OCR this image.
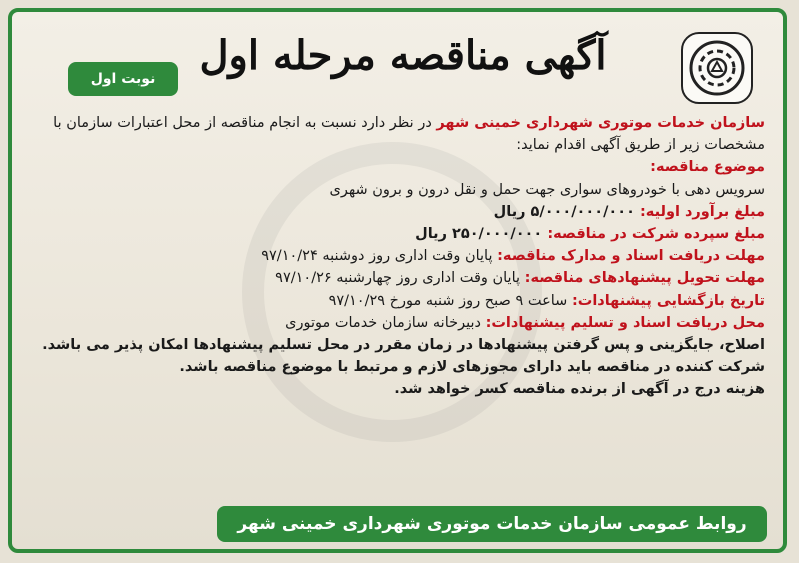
آگهی مناقصه مرحله اول
نوبت اول
سازمان خدمات موتوری شهرداری خمینی شهر در نظر دارد نسبت به انجام مناقصه از محل اعتبارات سازمان با
مشخصات زیر از طریق آگهی اقدام نماید:
موضوع مناقصه:
سرویس دهی با خودروهای سواری جهت حمل و نقل درون و برون شهری
مبلغ برآورد اولیه: ۵/۰۰۰/۰۰۰/۰۰۰ ریال
مبلغ سپرده شرکت در مناقصه: ۲۵۰/۰۰۰/۰۰۰ ریال
مهلت دریافت اسناد و مدارک مناقصه: پایان وقت اداری روز دوشنبه ۹۷/۱۰/۲۴
مهلت تحویل پیشنهادهای مناقصه: پایان وقت اداری روز چهارشنبه ۹۷/۱۰/۲۶
تاریخ بازگشایی پیشنهادات: ساعت ۹ صبح روز شنبه مورخ ۹۷/۱۰/۲۹
محل دریافت اسناد و تسلیم پیشنهادات: دبیرخانه سازمان خدمات موتوری
اصلاح، جایگزینی و پس گرفتن پیشنهادها در زمان مقرر در محل تسلیم پیشنهادها امکان پذیر می باشد.
شرکت کننده در مناقصه باید دارای مجوزهای لازم و مرتبط با موضوع مناقصه باشد.
هزینه درج در آگهی از برنده مناقصه کسر خواهد شد.
روابط عمومی سازمان خدمات موتوری شهرداری خمینی شهر
